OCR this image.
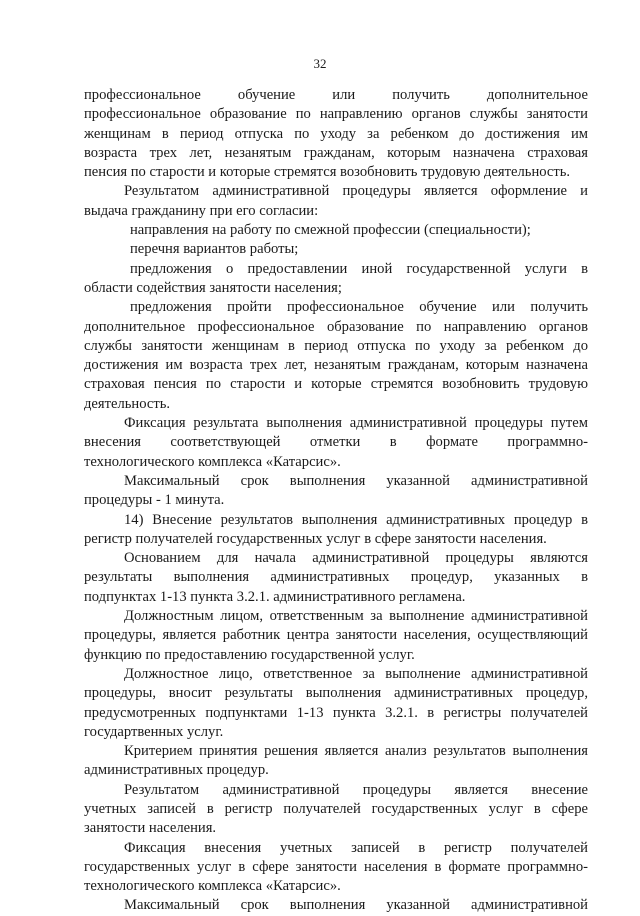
32
профессиональное обучение или получить дополнительное
профессиональное образование по направлению органов службы занятости
женщинам в период отпуска по уходу за ребенком до достижения им
возраста трех лет, незанятым гражданам, которым назначена страховая
пенсия по старости и которые стремятся возобновить трудовую деятельность.
Результатом административной процедуры является оформление и
выдача гражданину при его согласии:
направления на работу по смежной профессии (специальности);
перечня вариантов работы;
предложения о предоставлении иной государственной услуги в
области содействия занятости населения;
предложения пройти профессиональное обучение или получить
дополнительное профессиональное образование по направлению органов
службы занятости женщинам в период отпуска по уходу за ребенком до
достижения им возраста трех лет, незанятым гражданам, которым назначена
страховая пенсия по старости и которые стремятся возобновить трудовую
деятельность.
Фиксация результата выполнения административной процедуры путем
внесения соответствующей отметки в формате программно-
технологического комплекса «Катарсис».
Максимальный срок выполнения указанной административной
процедуры - 1 минута.
14) Внесение результатов выполнения административных процедур в
регистр получателей государственных услуг в сфере занятости населения.
Основанием для начала административной процедуры являются
результаты выполнения административных процедур, указанных в
подпунктах 1-13 пункта 3.2.1. административного регламена.
Должностным лицом, ответственным за выполнение административной
процедуры, является работник центра занятости населения, осуществляющий
функцию по предоставлению государственной услуг.
Должностное лицо, ответственное за выполнение административной
процедуры, вносит результаты выполнения административных процедур,
предусмотренных подпунктами 1-13 пункта 3.2.1. в регистры получателей
государтвенных услуг.
Критерием принятия решения является анализ результатов выполнения
административных процедур.
Результатом административной процедуры является внесение
учетных записей в регистр получателей государственных услуг в сфере
занятости населения.
Фиксация внесения учетных записей в регистр получателей
государственных услуг в сфере занятости населения в формате программно-
технологического комплекса «Катарсис».
Максимальный срок выполнения указанной административной
